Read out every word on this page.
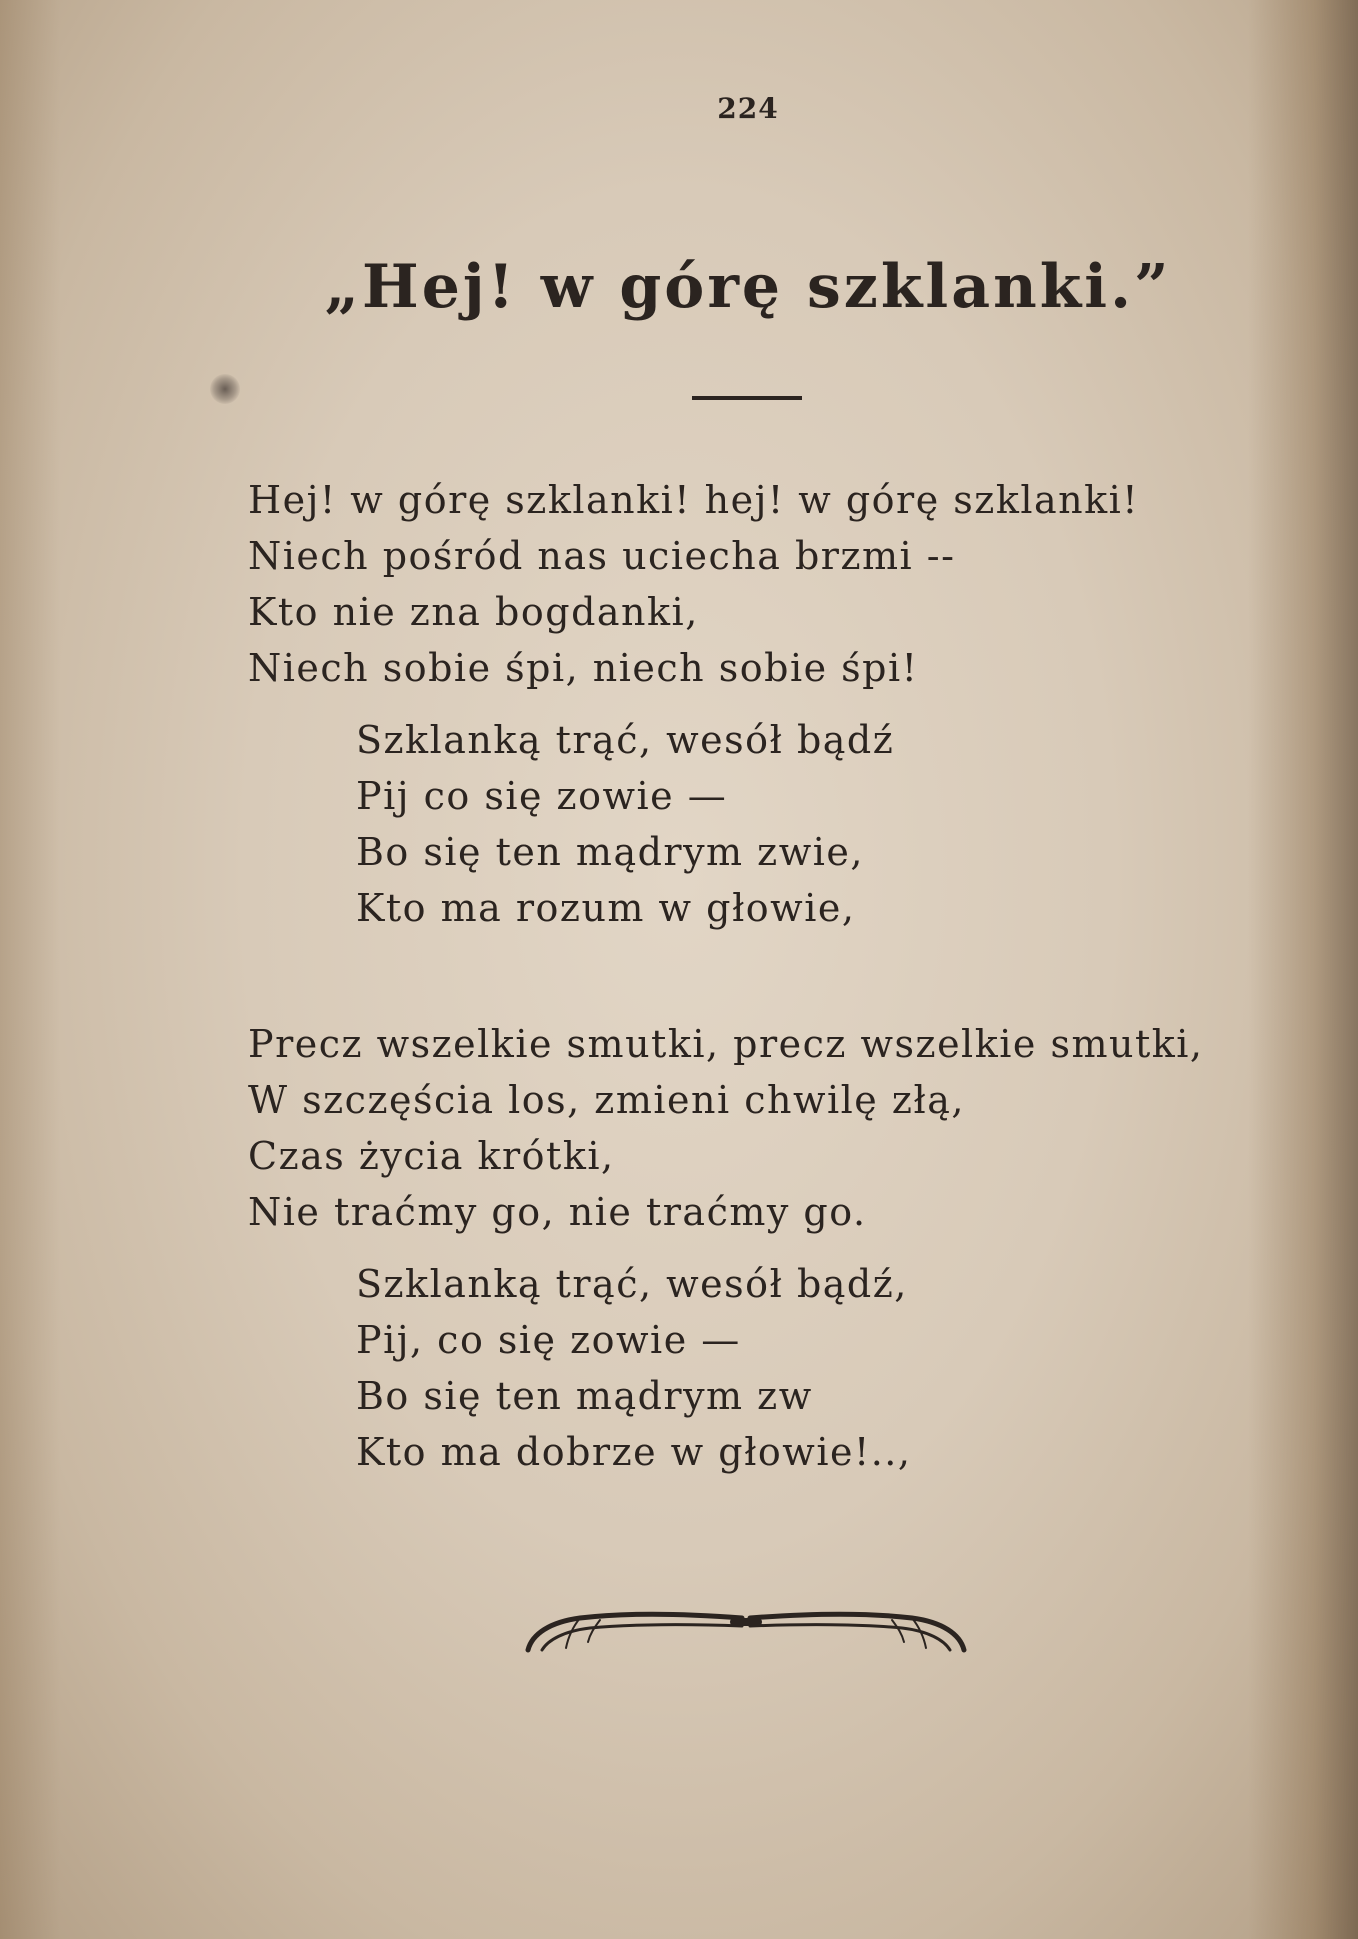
224
„Hej! w górę szklanki.”
Hej! w górę szklanki! hej! w górę szklanki!
Niech pośród nas uciecha brzmi --
Kto nie zna bogdanki,
Niech sobie śpi, niech sobie śpi!
Szklanką trąć, wesół bądź
Pij co się zowie —
Bo się ten mądrym zwie,
Kto ma rozum w głowie,
Precz wszelkie smutki, precz wszelkie smutki,
W szczęścia los, zmieni chwilę złą,
Czas życia krótki,
Nie traćmy go, nie traćmy go.
Szklanką trąć, wesół bądź,
Pij, co się zowie —
Bo się ten mądrym zw
Kto ma dobrze w głowie!..,
